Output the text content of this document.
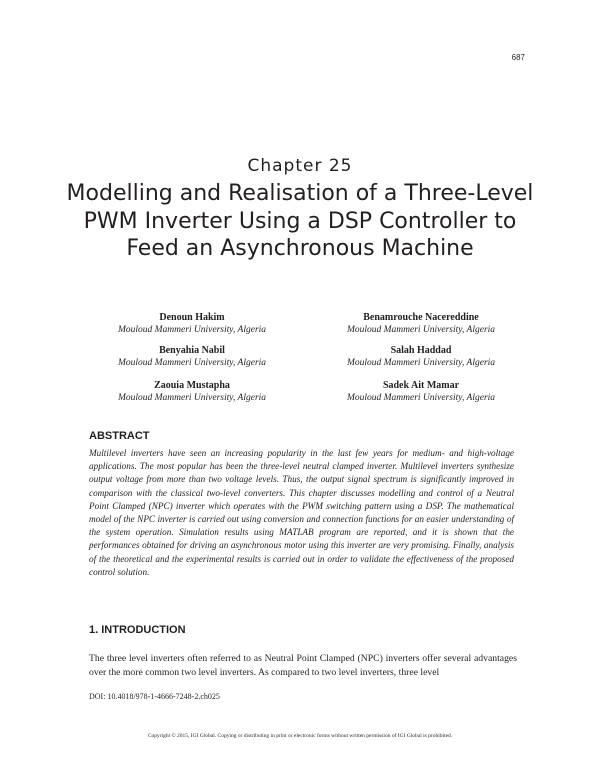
687
Chapter 25
Modelling and Realisation of a Three-Level PWM Inverter Using a DSP Controller to Feed an Asynchronous Machine
Denoun Hakim
Mouloud Mammeri University, Algeria
Benamrouche Nacereddine
Mouloud Mammeri University, Algeria
Benyahia Nabil
Mouloud Mammeri University, Algeria
Salah Haddad
Mouloud Mammeri University, Algeria
Zaouia Mustapha
Mouloud Mammeri University, Algeria
Sadek Ait Mamar
Mouloud Mammeri University, Algeria
ABSTRACT

Multilevel inverters have seen an increasing popularity in the last few years for medium- and high-voltage applications. The most popular has been the three-level neutral clamped inverter. Multilevel inverters synthesize output voltage from more than two voltage levels. Thus, the output signal spectrum is significantly improved in comparison with the classical two-level converters. This chapter discusses modelling and control of a Neutral Point Clamped (NPC) inverter which operates with the PWM switching pattern using a DSP. The mathematical model of the NPC inverter is carried out using conversion and connection functions for an easier understanding of the system operation. Simulation results using MATLAB program are reported, and it is shown that the performances obtained for driving an asynchronous motor using this inverter are very promising. Finally, analysis of the theoretical and the experimental results is carried out in order to validate the effectiveness of the proposed control solution.

1. INTRODUCTION

The three level inverters often referred to as Neutral Point Clamped (NPC) inverters offer several advantages over the more common two level inverters. As compared to two level inverters, three level

DOI: 10.4018/978-1-4666-7248-2.ch025
Copyright © 2015, IGI Global. Copying or distributing in print or electronic forms without written permission of IGI Global is prohibited.
